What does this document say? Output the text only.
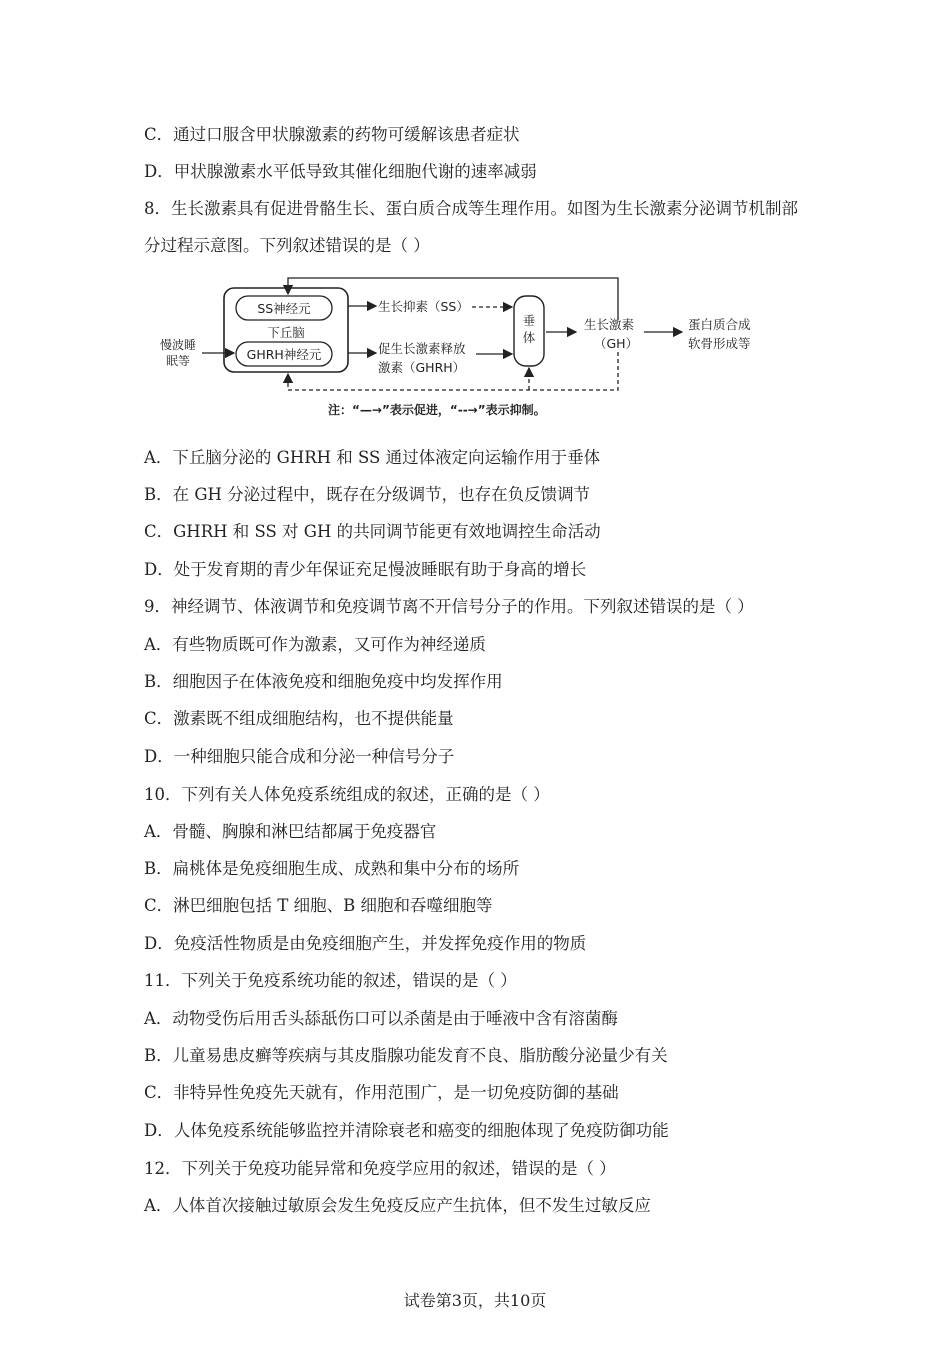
C．通过口服含甲状腺激素的药物可缓解该患者症状
D．甲状腺激素水平低导致其催化细胞代谢的速率减弱
8．生长激素具有促进骨骼生长、蛋白质合成等生理作用。如图为生长激素分泌调节机制部
分过程示意图。下列叙述错误的是（ ）
SS神经元
下丘脑
GHRH神经元
慢波睡
眠等
生长抑素（SS）
促生长激素释放
激素（GHRH）
垂
体
生长激素
（GH）
蛋白质合成
软骨形成等
注：“—→”表示促进，“--→”表示抑制。
A．下丘脑分泌的 GHRH 和 SS 通过体液定向运输作用于垂体
B．在 GH 分泌过程中，既存在分级调节，也存在负反馈调节
C．GHRH 和 SS 对 GH 的共同调节能更有效地调控生命活动
D．处于发育期的青少年保证充足慢波睡眠有助于身高的增长
9．神经调节、体液调节和免疫调节离不开信号分子的作用。下列叙述错误的是（ ）
A．有些物质既可作为激素，又可作为神经递质
B．细胞因子在体液免疫和细胞免疫中均发挥作用
C．激素既不组成细胞结构，也不提供能量
D．一种细胞只能合成和分泌一种信号分子
10．下列有关人体免疫系统组成的叙述，正确的是（ ）
A．骨髓、胸腺和淋巴结都属于免疫器官
B．扁桃体是免疫细胞生成、成熟和集中分布的场所
C．淋巴细胞包括 T 细胞、B 细胞和吞噬细胞等
D．免疫活性物质是由免疫细胞产生，并发挥免疫作用的物质
11．下列关于免疫系统功能的叙述，错误的是（ ）
A．动物受伤后用舌头舔舐伤口可以杀菌是由于唾液中含有溶菌酶
B．儿童易患皮癣等疾病与其皮脂腺功能发育不良、脂肪酸分泌量少有关
C．非特异性免疫先天就有，作用范围广，是一切免疫防御的基础
D．人体免疫系统能够监控并清除衰老和癌变的细胞体现了免疫防御功能
12．下列关于免疫功能异常和免疫学应用的叙述，错误的是（ ）
A．人体首次接触过敏原会发生免疫反应产生抗体，但不发生过敏反应
试卷第3页，共10页
